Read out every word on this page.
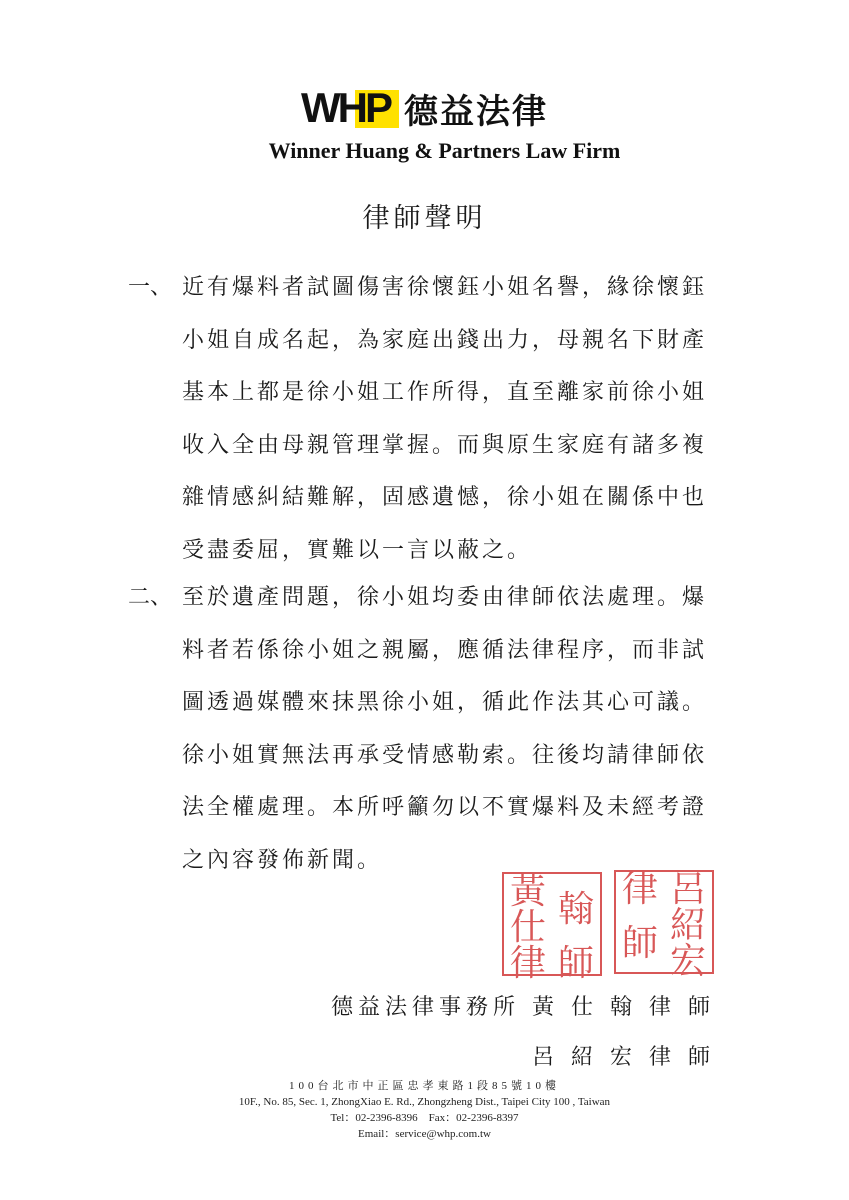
WHP 德益法律
Winner Huang & Partners Law Firm
律師聲明
一、 近有爆料者試圖傷害徐懷鈺小姐名譽，緣徐懷鈺
小姐自成名起，為家庭出錢出力，母親名下財產
基本上都是徐小姐工作所得，直至離家前徐小姐
收入全由母親管理掌握。而與原生家庭有諸多複
雜情感糾結難解，固感遺憾，徐小姐在關係中也
受盡委屈，實難以一言以蔽之。
二、 至於遺產問題，徐小姐均委由律師依法處理。爆
料者若係徐小姐之親屬，應循法律程序，而非試
圖透過媒體來抹黑徐小姐，循此作法其心可議。
徐小姐實無法再承受情感勒索。往後均請律師依
法全權處理。本所呼籲勿以不實爆料及未經考證
之內容發佈新聞。
黃仕 翰
律 師
律 呂
師 紹宏
德益法律事務所 黃 仕 翰 律 師
呂 紹 宏 律 師
100台北市中正區忠孝東路1段85號10樓
10F., No. 85, Sec. 1, ZhongXiao E. Rd., Zhongzheng Dist., Taipei City 100 , Taiwan
Tel：02-2396-8396　Fax：02-2396-8397
Email：service@whp.com.tw
